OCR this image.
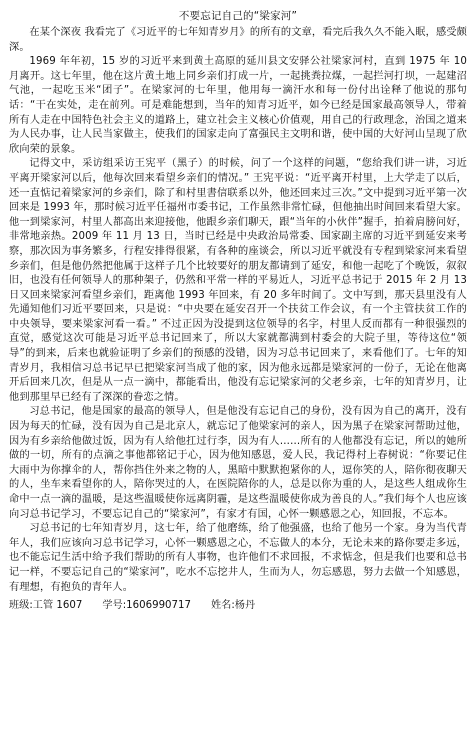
不要忘记自己的“梁家河”

在某个深夜 我看完了《习近平的七年知青岁月》的所有的文章，看完后我久久不能入眠，感受颇深。

1969 年年初，15 岁的习近平来到黄土高原的延川县文安驿公社梁家河村，直到 1975 年 10 月离开。这七年里，他在这片黄土地上同乡亲们打成一片，一起挑粪拉煤，一起拦河打坝，一起建沼气池，一起吃玉米“团子”。在梁家河的七年里，他用每一滴汗水和每一份付出诠释了他说的那句话：“干在实处，走在前列。可是难能想到，当年的知青习近平，如今已经是国家最高领导人，带着所有人走在中国特色社会主义的道路上，建立社会主义核心价值观，用自己的行政理念，治国之道来为人民办事，让人民当家做主，使我们的国家走向了富强民主文明和谐，使中国的大好河山呈现了欣欣向荣的景象。

记得文中，采访组采访王宪平（黑子）的时候，问了一个这样的问题，“您给我们讲一讲，习近平离开梁家河以后，他每次回来看望乡亲们的情况。” 王宪平说：“近平离开村里，上大学走了以后，还一直惦记着梁家河的乡亲们，除了和村里書信联系以外，他还回来过三次。”文中提到习近平第一次回来是 1993 年，那时候习近平任福州市委书记，工作虽然非常忙碌，但他抽出时间回来看望大家。他一到梁家河，村里人都高出来迎接他，他跟乡亲们聊天，跟“当年的小伙伴”握手，拍着肩膀问好，非常地亲热。2009 年 11 月 13 日，当时已经是中央政治局常委、国家副主席的习近平到延安来考察，那次因为事务繁多，行程安排得很紧，有各种的座谈会，所以习近平就没有专程到梁家河来看望乡亲们，但是他仍然把他属于这样子几个比较要好的朋友都请到了延安，和他一起吃了个晚饭，叙叙旧，也没有任何领导人的那种架子，仍然和平常一样的平易近人，习近平总书记于 2015 年 2 月 13 日又回来梁家河看望乡亲们，距离他 1993 年回来，有 20 多年时间了。文中写到，那天县里没有人先通知他们习近平要回来，只是说：“中央要在延安召开一个扶贫工作会议，有一个主管扶贫工作的中央领导，要来梁家河看一看。” 不过正因为没提到这位领导的名字，村里人反而都有一种很强烈的直觉，感觉这次可能是习近平总书记回来了，所以大家就都满到村委会的大院子里，等待这位“领导”的到来，后来也就验证明了乡亲们的预感的没错，因为习总书记回来了，来看他们了。七年的知青岁月，我相信习总书记早已把梁家河当成了他的家，因为他永远都是梁家河的一份子，无论在他离开后回来几次，但是从一点一滴中，都能看出，他没有忘记梁家河的父老乡亲，七年的知青岁月，让他到那里早已经有了深深的眷恋之情。

习总书记，他是国家的最高的领导人，但是他没有忘记自己的身份，没有因为自己的离开，没有因为每天的忙碌，没有因为自己是北京人，就忘记了他梁家河的亲人，因为黑子在梁家河帮助过他，因为有乡亲给他做过饭，因为有人给他扛过行李，因为有人……所有的人他都没有忘记，所以的她所做的一切，所有的点滴之事他都铭记于心，因为他知感恩，爱人民，我记得村上春树说：“你要记住大雨中为你撑伞的人，帮你挡住外来之物的人，黑暗中默默抱紧你的人，逗你笑的人，陪你彻夜聊天的人，坐车来看望你的人，陪你哭过的人，在医院陪你的人，总是以你为重的人，是这些人组成你生命中一点一滴的温暖，是这些温暖使你远离阴霾，是这些温暖使你成为善良的人。”我们每个人也应该向习总书记学习，不要忘记自己的“梁家河”，有家才有国，心怀一颗感恩之心，知回报，不忘本。

习总书记的七年知青岁月，这七年，给了他磨练，给了他强盛，也给了他另一个家。身为当代青年人，我们应该向习总书记学习，心怀一颗感恩之心，不忘做人的本分，无论未来的路你要走多远，也不能忘记生活中给予我们帮助的所有人事物，也许他们不求回报，不求惦念，但是我们也要和总书记一样，不要忘记自己的“梁家河”，吃水不忘挖井人，生而为人，勿忘感恩，努力去做一个知感恩，有理想，有抱负的青年人。

班级:工管 1607 学号:1606990717 姓名:杨丹
